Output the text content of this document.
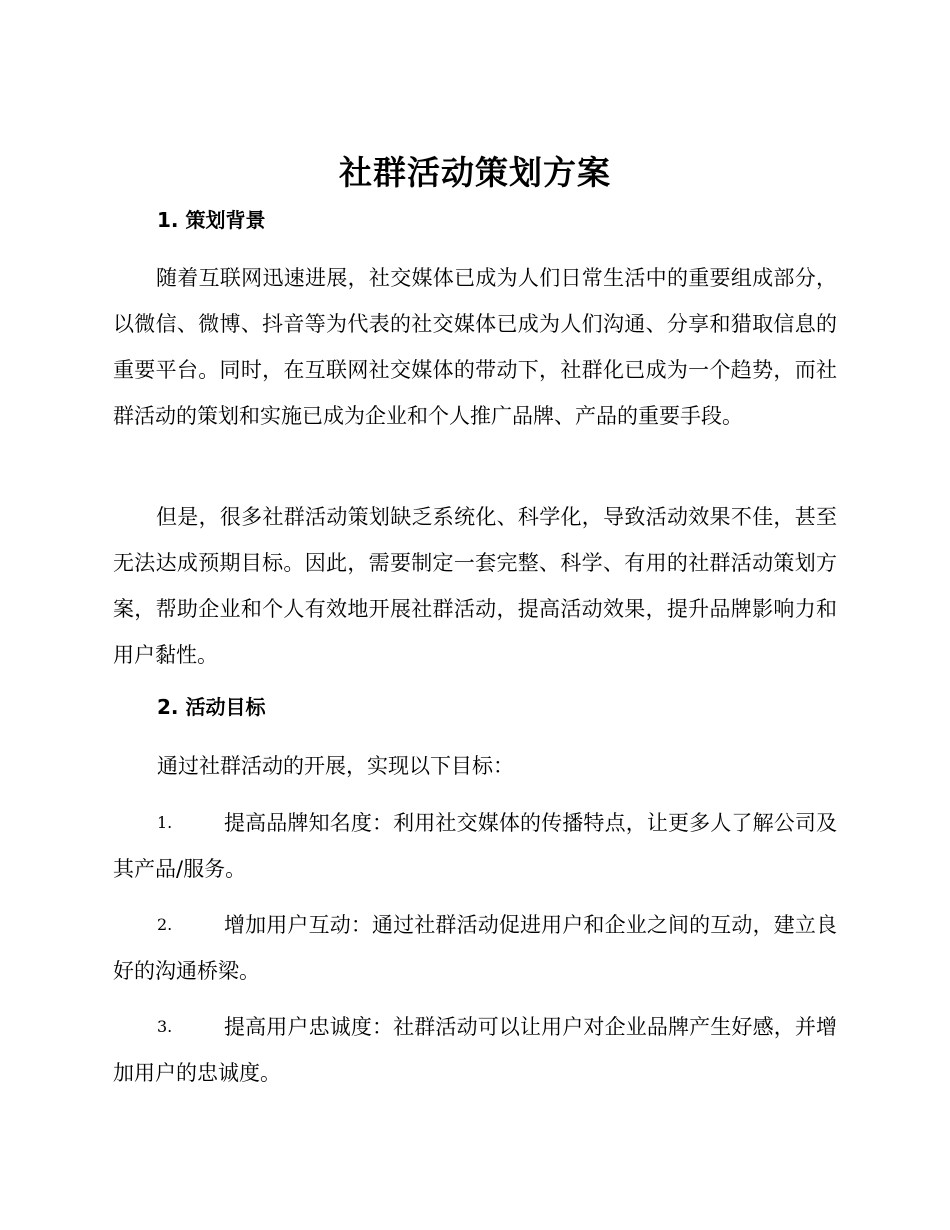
社群活动策划方案
1. 策划背景

随着互联网迅速进展，社交媒体已成为人们日常生活中的重要组成部分，以微信、微博、抖音等为代表的社交媒体已成为人们沟通、分享和猎取信息的重要平台。同时，在互联网社交媒体的带动下，社群化已成为一个趋势，而社群活动的策划和实施已成为企业和个人推广品牌、产品的重要手段。

但是，很多社群活动策划缺乏系统化、科学化，导致活动效果不佳，甚至无法达成预期目标。因此，需要制定一套完整、科学、有用的社群活动策划方案，帮助企业和个人有效地开展社群活动，提高活动效果，提升品牌影响力和用户黏性。

2. 活动目标
通过社群活动的开展，实现以下目标：
1. 提高品牌知名度：利用社交媒体的传播特点，让更多人了解公司及其产品/服务。
2. 增加用户互动：通过社群活动促进用户和企业之间的互动，建立良好的沟通桥梁。
3. 提高用户忠诚度：社群活动可以让用户对企业品牌产生好感，并增加用户的忠诚度。
